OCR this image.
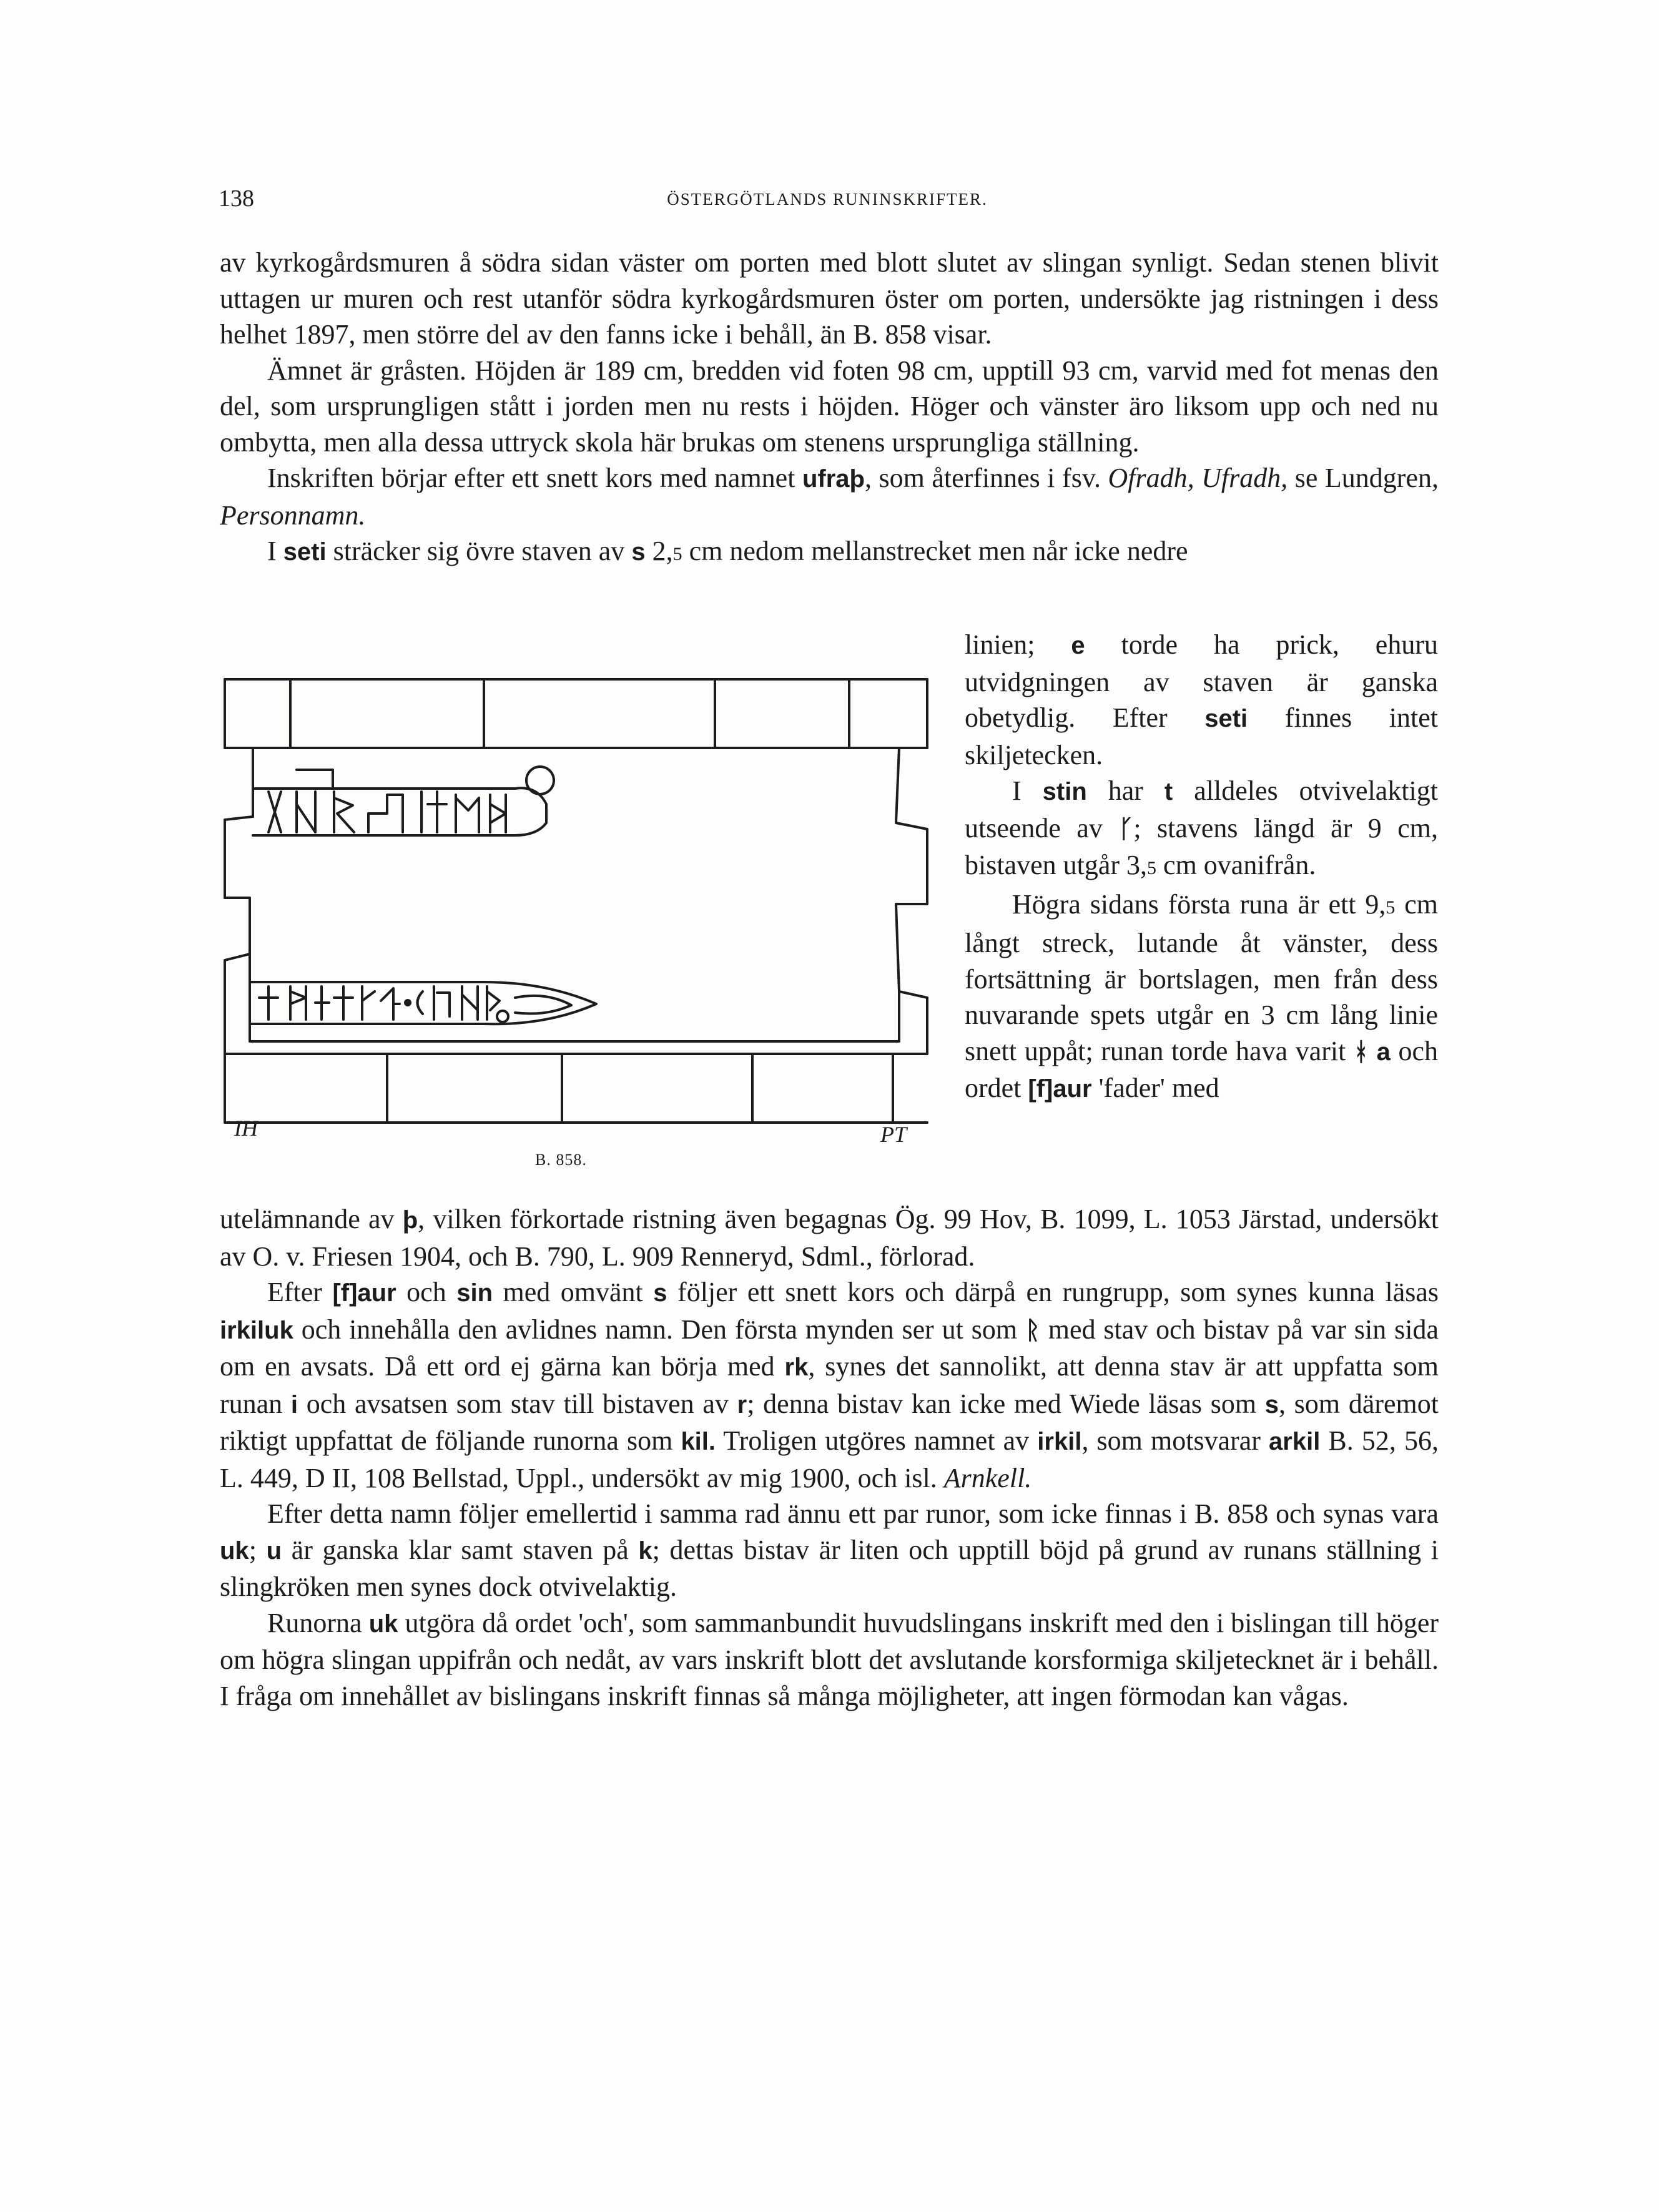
138	ÖSTERGÖTLANDS RUNINSKRIFTER.

av kyrkogårdsmuren å södra sidan väster om porten med blott slutet av slingan synligt. Sedan stenen blivit uttagen ur muren och rest utanför södra kyrkogårdsmuren öster om porten, undersökte jag ristningen i dess helhet 1897, men större del av den fanns icke i behåll, än B. 858 visar.

Ämnet är gråsten. Höjden är 189 cm, bredden vid foten 98 cm, upptill 93 cm, varvid med fot menas den del, som ursprungligen stått i jorden men nu rests i höjden. Höger och vänster äro liksom upp och ned nu ombytta, men alla dessa uttryck skola här brukas om stenens ursprungliga ställning.

Inskriften börjar efter ett snett kors med namnet ufraþ, som återfinnes i fsv. Ofradh, Ufradh, se Lundgren, Personnamn.

I seti sträcker sig övre staven av s 2,5 cm nedom mellanstrecket men når icke nedre

IH	PT
B. 858.

linien; e torde ha prick, ehuru utvidgningen av staven är ganska obetydlig. Efter seti finnes intet skiljetecken.

I stin har t alldeles otvivelaktigt utseende av ᚴ; stavens längd är 9 cm, bistaven utgår 3,5 cm ovanifrån.

Högra sidans första runa är ett 9,5 cm långt streck, lutande åt vänster, dess fortsättning är bortslagen, men från dess nuvarande spets utgår en 3 cm lång linie snett uppåt; runan torde hava varit ᚼ a och ordet [f]aur 'fader' med

utelämnande av þ, vilken förkortade ristning även begagnas Ög. 99 Hov, B. 1099, L. 1053 Järstad, undersökt av O. v. Friesen 1904, och B. 790, L. 909 Renneryd, Sdml., förlorad.

Efter [f]aur och sin med omvänt s följer ett snett kors och därpå en rungrupp, som synes kunna läsas irkiluk och innehålla den avlidnes namn. Den första mynden ser ut som ᚱ med stav och bistav på var sin sida om en avsats. Då ett ord ej gärna kan börja med rk, synes det sannolikt, att denna stav är att uppfatta som runan i och avsatsen som stav till bistaven av r; denna bistav kan icke med Wiede läsas som s, som däremot riktigt uppfattat de följande runorna som kil. Troligen utgöres namnet av irkil, som motsvarar arkil B. 52, 56, L. 449, D II, 108 Bellstad, Uppl., undersökt av mig 1900, och isl. Arnkell.

Efter detta namn följer emellertid i samma rad ännu ett par runor, som icke finnas i B. 858 och synas vara uk; u är ganska klar samt staven på k; dettas bistav är liten och upptill böjd på grund av runans ställning i slingkröken men synes dock otvivelaktig.

Runorna uk utgöra då ordet 'och', som sammanbundit huvudslingans inskrift med den i bislingan till höger om högra slingan uppifrån och nedåt, av vars inskrift blott det avslutande korsformiga skiljetecknet är i behåll. I fråga om innehållet av bislingans inskrift finnas så många möjligheter, att ingen förmodan kan vågas.
